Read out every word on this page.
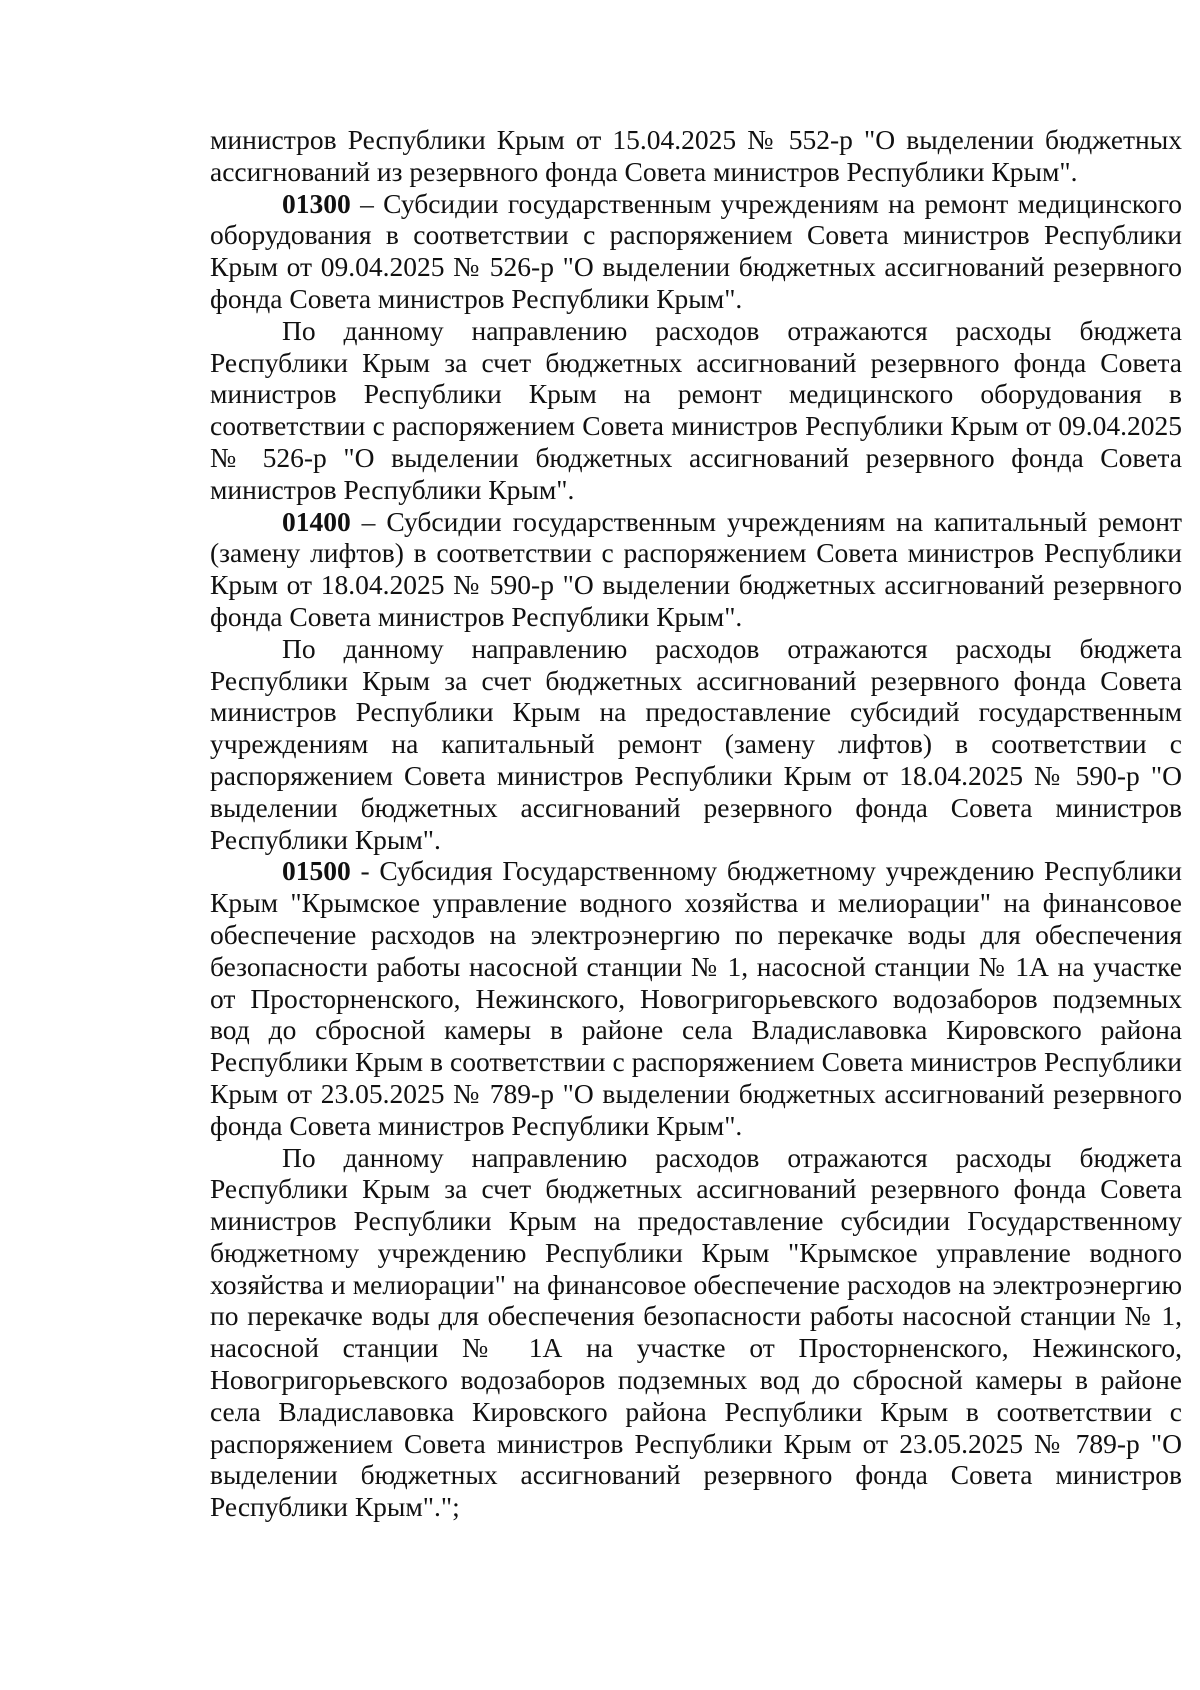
министров Республики Крым от 15.04.2025 № 552-р "О выделении бюджетных ассигнований из резервного фонда Совета министров Республики Крым".

01300 – Субсидии государственным учреждениям на ремонт медицинского оборудования в соответствии с распоряжением Совета министров Республики Крым от 09.04.2025 № 526-р "О выделении бюджетных ассигнований резервного фонда Совета министров Республики Крым".

По данному направлению расходов отражаются расходы бюджета Республики Крым за счет бюджетных ассигнований резервного фонда Совета министров Республики Крым на ремонт медицинского оборудования в соответствии с распоряжением Совета министров Республики Крым от 09.04.2025 № 526-р "О выделении бюджетных ассигнований резервного фонда Совета министров Республики Крым".

01400 – Субсидии государственным учреждениям на капитальный ремонт (замену лифтов) в соответствии с распоряжением Совета министров Республики Крым от 18.04.2025 № 590-р "О выделении бюджетных ассигнований резервного фонда Совета министров Республики Крым".

По данному направлению расходов отражаются расходы бюджета Республики Крым за счет бюджетных ассигнований резервного фонда Совета министров Республики Крым на предоставление субсидий государственным учреждениям на капитальный ремонт (замену лифтов) в соответствии с распоряжением Совета министров Республики Крым от 18.04.2025 № 590-р "О выделении бюджетных ассигнований резервного фонда Совета министров Республики Крым".

01500 - Субсидия Государственному бюджетному учреждению Республики Крым "Крымское управление водного хозяйства и мелиорации" на финансовое обеспечение расходов на электроэнергию по перекачке воды для обеспечения безопасности работы насосной станции № 1, насосной станции № 1А на участке от Просторненского, Нежинского, Новогригорьевского водозаборов подземных вод до сбросной камеры в районе села Владиславовка Кировского района Республики Крым в соответствии с распоряжением Совета министров Республики Крым от 23.05.2025 № 789-р "О выделении бюджетных ассигнований резервного фонда Совета министров Республики Крым".

По данному направлению расходов отражаются расходы бюджета Республики Крым за счет бюджетных ассигнований резервного фонда Совета министров Республики Крым на предоставление субсидии Государственному бюджетному учреждению Республики Крым "Крымское управление водного хозяйства и мелиорации" на финансовое обеспечение расходов на электроэнергию по перекачке воды для обеспечения безопасности работы насосной станции № 1, насосной станции № 1А на участке от Просторненского, Нежинского, Новогригорьевского водозаборов подземных вод до сбросной камеры в районе села Владиславовка Кировского района Республики Крым в соответствии с распоряжением Совета министров Республики Крым от 23.05.2025 № 789-р "О выделении бюджетных ассигнований резервного фонда Совета министров Республики Крым".";
